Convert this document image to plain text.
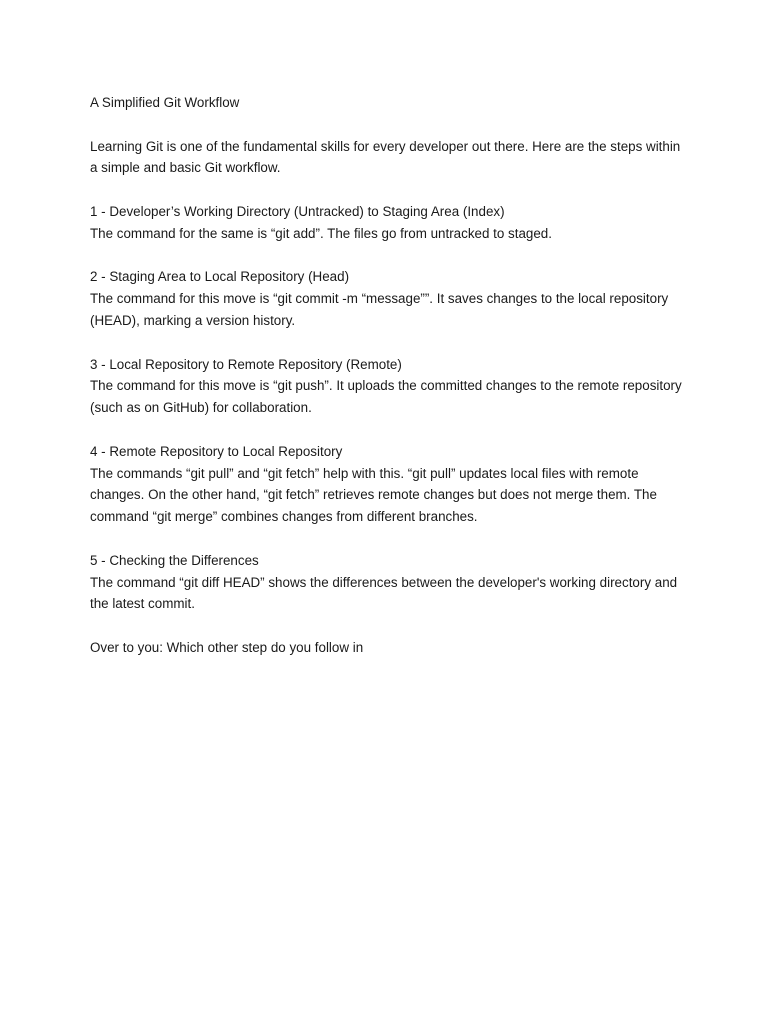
A Simplified Git Workflow

Learning Git is one of the fundamental skills for every developer out there. Here are the steps within a simple and basic Git workflow.

1 - Developer’s Working Directory (Untracked) to Staging Area (Index)
The command for the same is “git add”. The files go from untracked to staged.
2 - Staging Area to Local Repository (Head)
The command for this move is “git commit -m “message””. It saves changes to the local repository (HEAD), marking a version history.
3 - Local Repository to Remote Repository (Remote)
The command for this move is “git push”. It uploads the committed changes to the remote repository (such as on GitHub) for collaboration.
4 - Remote Repository to Local Repository
The commands “git pull” and “git fetch” help with this. “git pull” updates local files with remote changes. On the other hand, “git fetch” retrieves remote changes but does not merge them. The command “git merge” combines changes from different branches.
5 - Checking the Differences
The command “git diff HEAD” shows the differences between the developer's working directory and the latest commit.

Over to you: Which other step do you follow in
